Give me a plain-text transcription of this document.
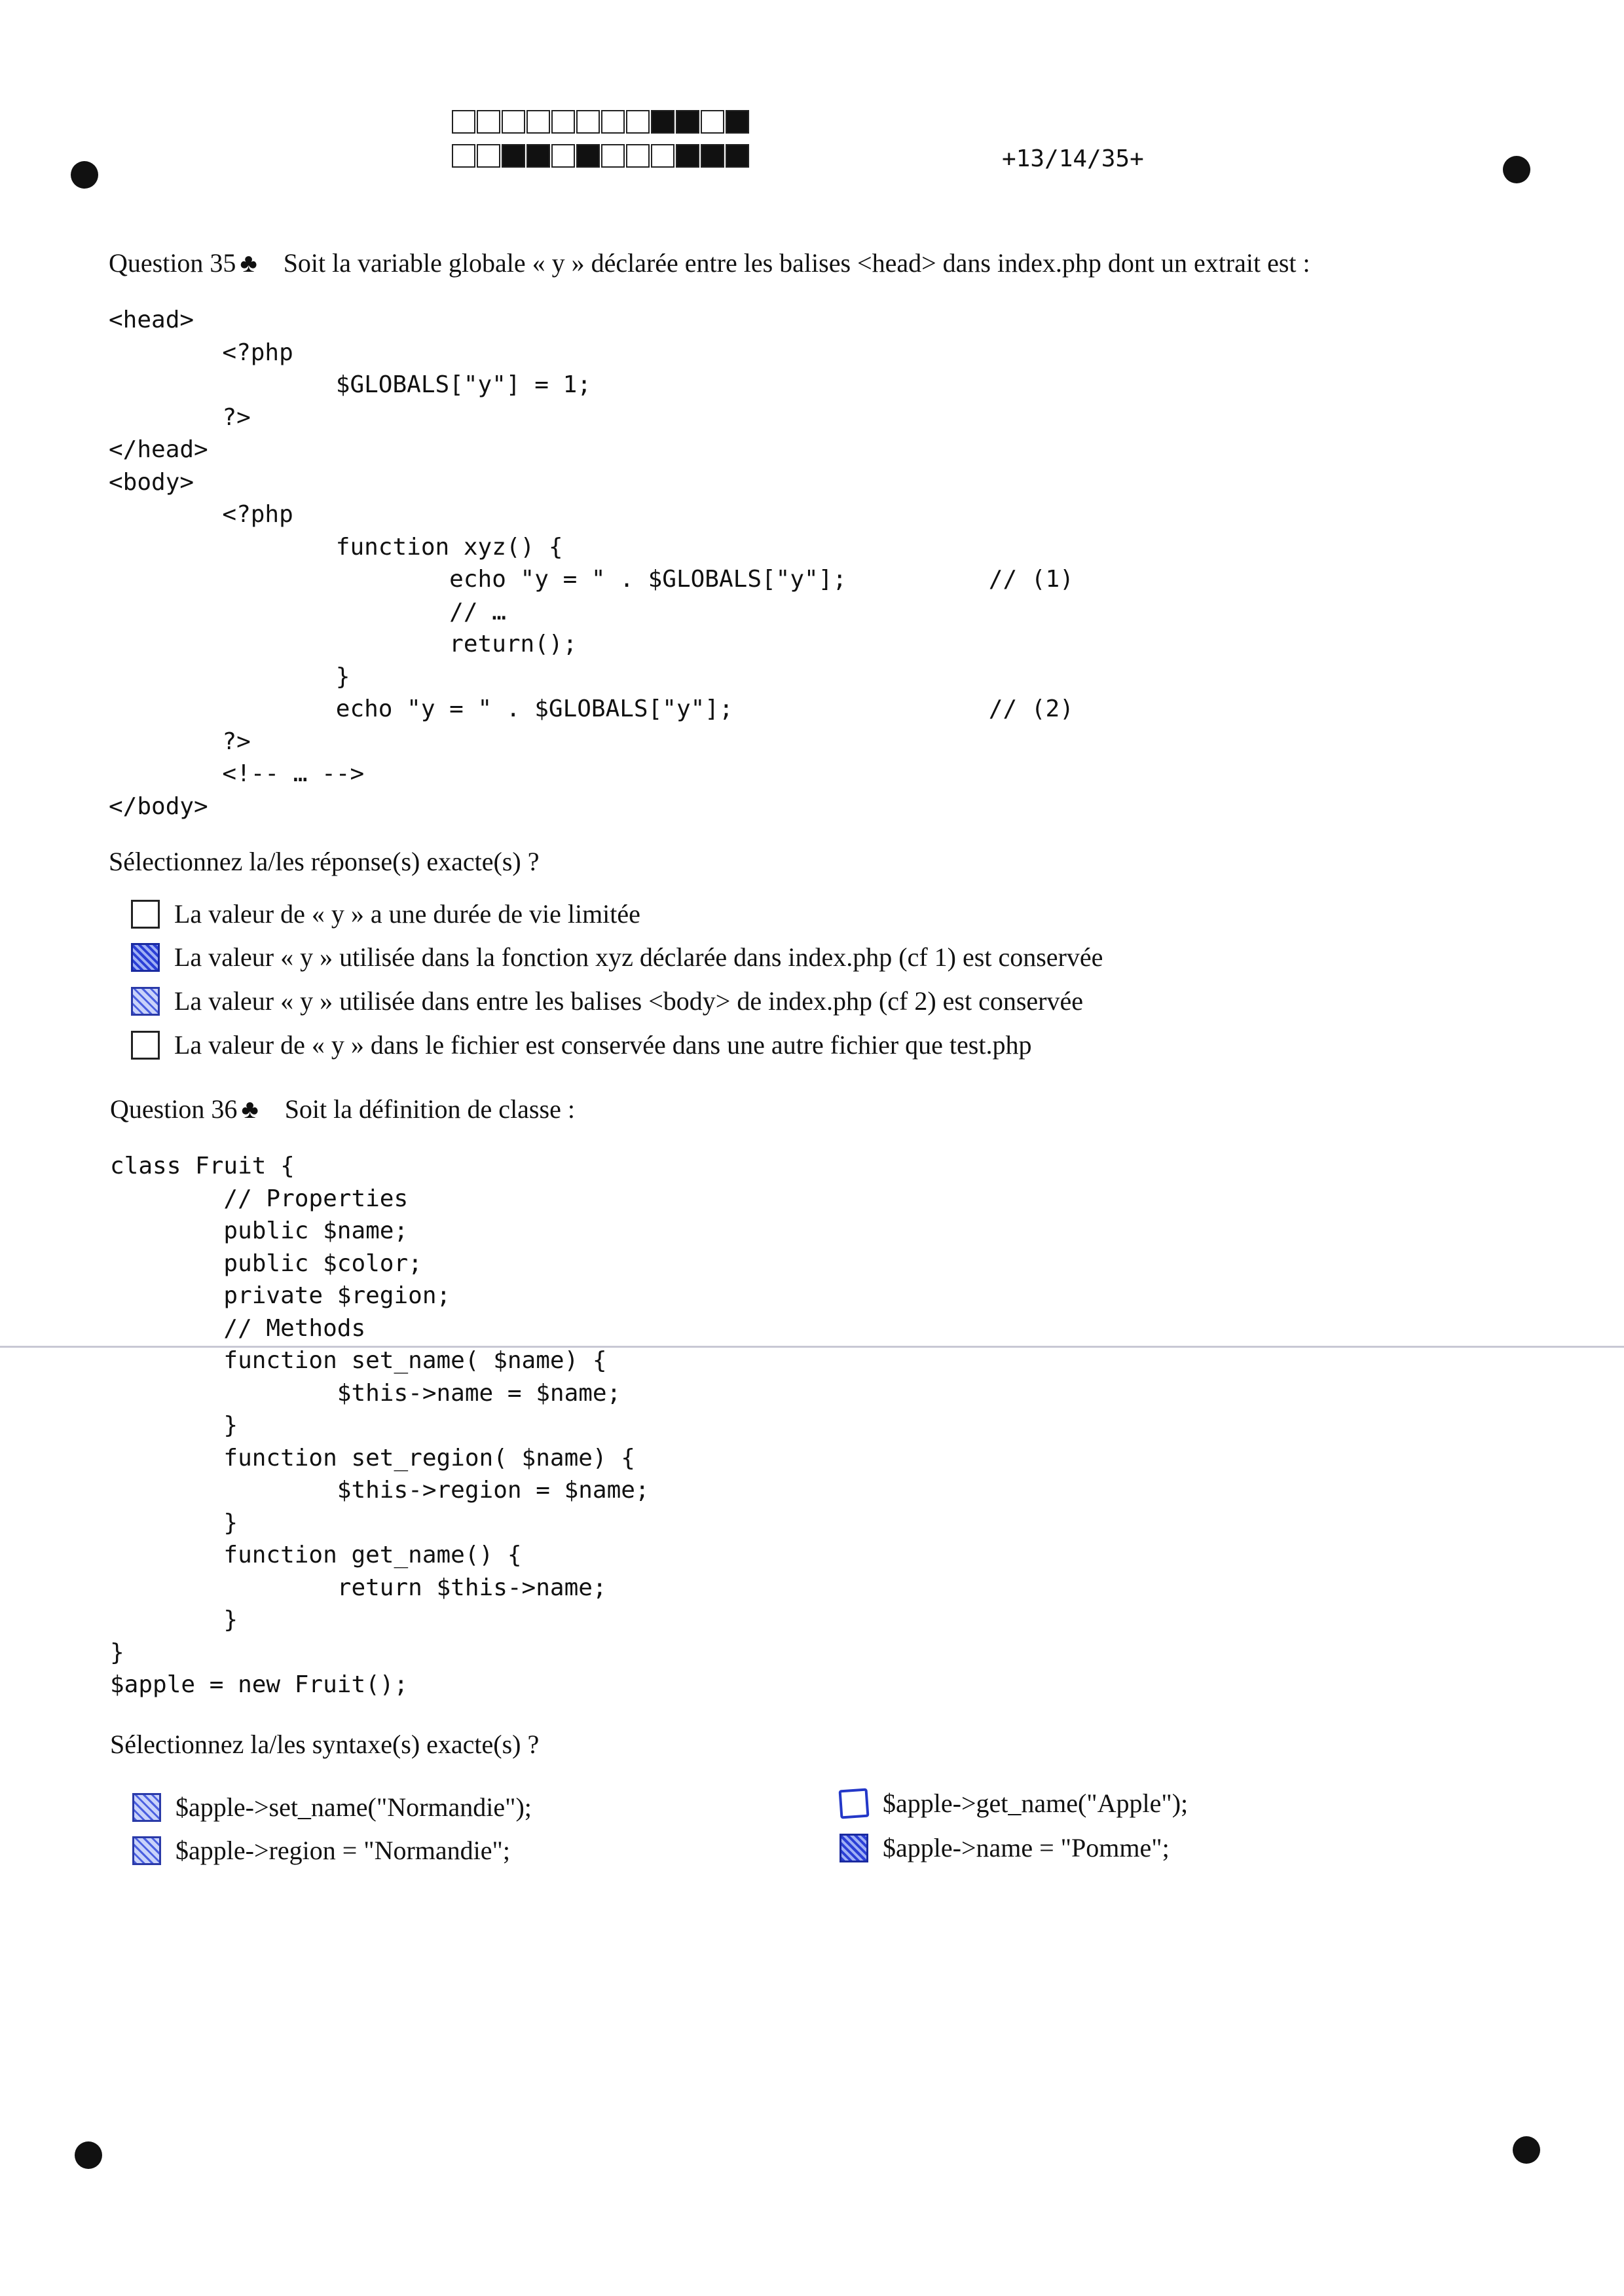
+13/14/35+
Question 35 ♣ Soit la variable globale « y » déclarée entre les balises <head> dans index.php dont un extrait est :
<head>
<?php
$GLOBALS["y"] = 1;
?>
</head>
<body>
<?php
function xyz() {
echo "y = " . $GLOBALS["y"];          // (1)
// …
return();
}
echo "y = " . $GLOBALS["y"];                  // (2)
?>
<!-- … -->
</body>
Sélectionnez la/les réponse(s) exacte(s) ?
La valeur de « y » a une durée de vie limitée
La valeur « y » utilisée dans la fonction xyz déclarée dans index.php (cf 1) est conservée
La valeur « y » utilisée dans entre les balises <body> de index.php (cf 2) est conservée
La valeur de « y » dans le fichier est conservée dans une autre fichier que test.php
Question 36 ♣ Soit la définition de classe :
class Fruit {
// Properties
public $name;
public $color;
private $region;
// Methods
function set_name( $name) {
$this->name = $name;
}
function set_region( $name) {
$this->region = $name;
}
function get_name() {
return $this->name;
}
}
$apple = new Fruit();
Sélectionnez la/les syntaxe(s) exacte(s) ?
$apple->set_name("Normandie");
$apple->region = "Normandie";
$apple->get_name("Apple");
$apple->name = "Pomme";
